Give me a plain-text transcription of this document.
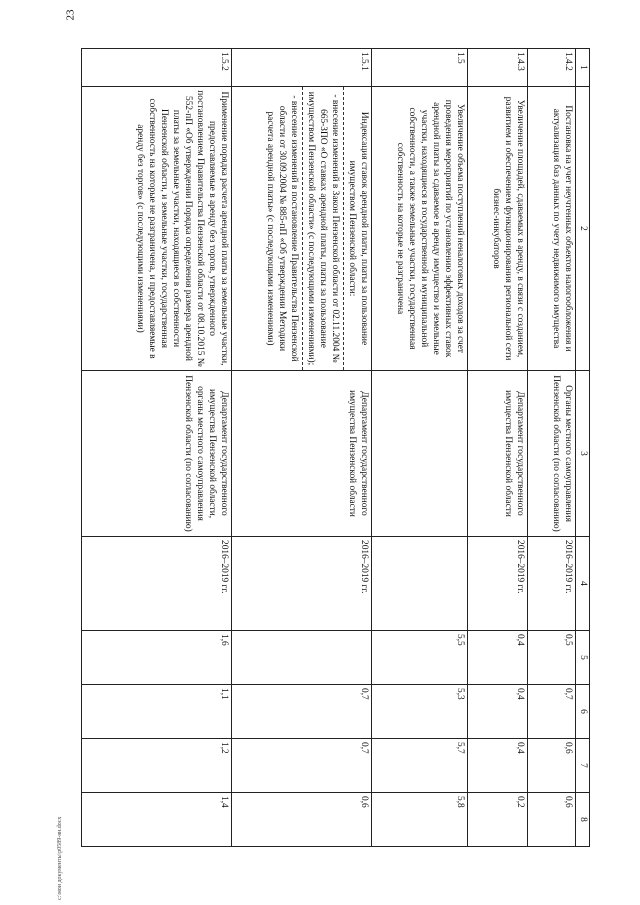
23
1	2	3	4	5	6	7	8
1.4.2	Постановка на учет неучтенных объектов налогообложения и актуализация баз данных по учету недвижимого имущества	Органы местного самоуправления Пензенской области (по согласованию)	2016–2019 гг.	0,5	0,7	0,6	0,6
1.4.3	Увеличение площадей, сдаваемых в аренду, в связи с созданием, развитием и обеспечением функционирования региональной сети бизнес-инкубаторов	Департамент государственного имущества Пензенской области	2016–2019 гг.	0,4	0,4	0,4	0,2
1.5	Увеличение объема поступлений неналоговых доходов за счет проведения мероприятий по установлению эффективных ставок арендной платы за сдаваемое в аренду имущество и земельные участки, находящиеся в государственной и муниципальной собственности, а также земельные участки, государственная собственность на которые не разграничена			5,5	5,3	5,7	5,8
1.5.1	Индексация ставок арендной платы, платы за пользование имуществом Пензенской области:
- внесение изменений в Закон Пензенской области от 02.11.2004 № 665-ЗПО «О ставках арендной платы, платы за пользование имуществом Пензенской области» (с последующими изменениями);
- внесение изменений в постановление Правительства Пензенской области от 30.09.2004 № 885-пП «Об утверждении Методики расчета арендной платы» (с последующими изменениями)	Департамент государственного имущества Пензенской области	2016–2019 гг.		0,7	0,7	0,6
1.5.2	Применение порядка расчета арендной платы за земельные участки, предоставляемые в аренду без торгов, утвержденного постановлением Правительства Пензенской области от 08.10.2015 № 552-пП «Об утверждении Порядка определения размера арендной платы за земельные участки, находящиеся в собственности Пензенской области, и земельные участки, государственная собственность на которые не разграничена, и предоставляемые в аренду без торгов» (с последующими изменениями)	Департамент государственного имущества Пензенской области, органы местного самоуправления Пензенской области (по согласованию)	2016–2019 гг.	1,6	1,1	1,2	1,4
с:\мои документы\р0589-ян.docx
